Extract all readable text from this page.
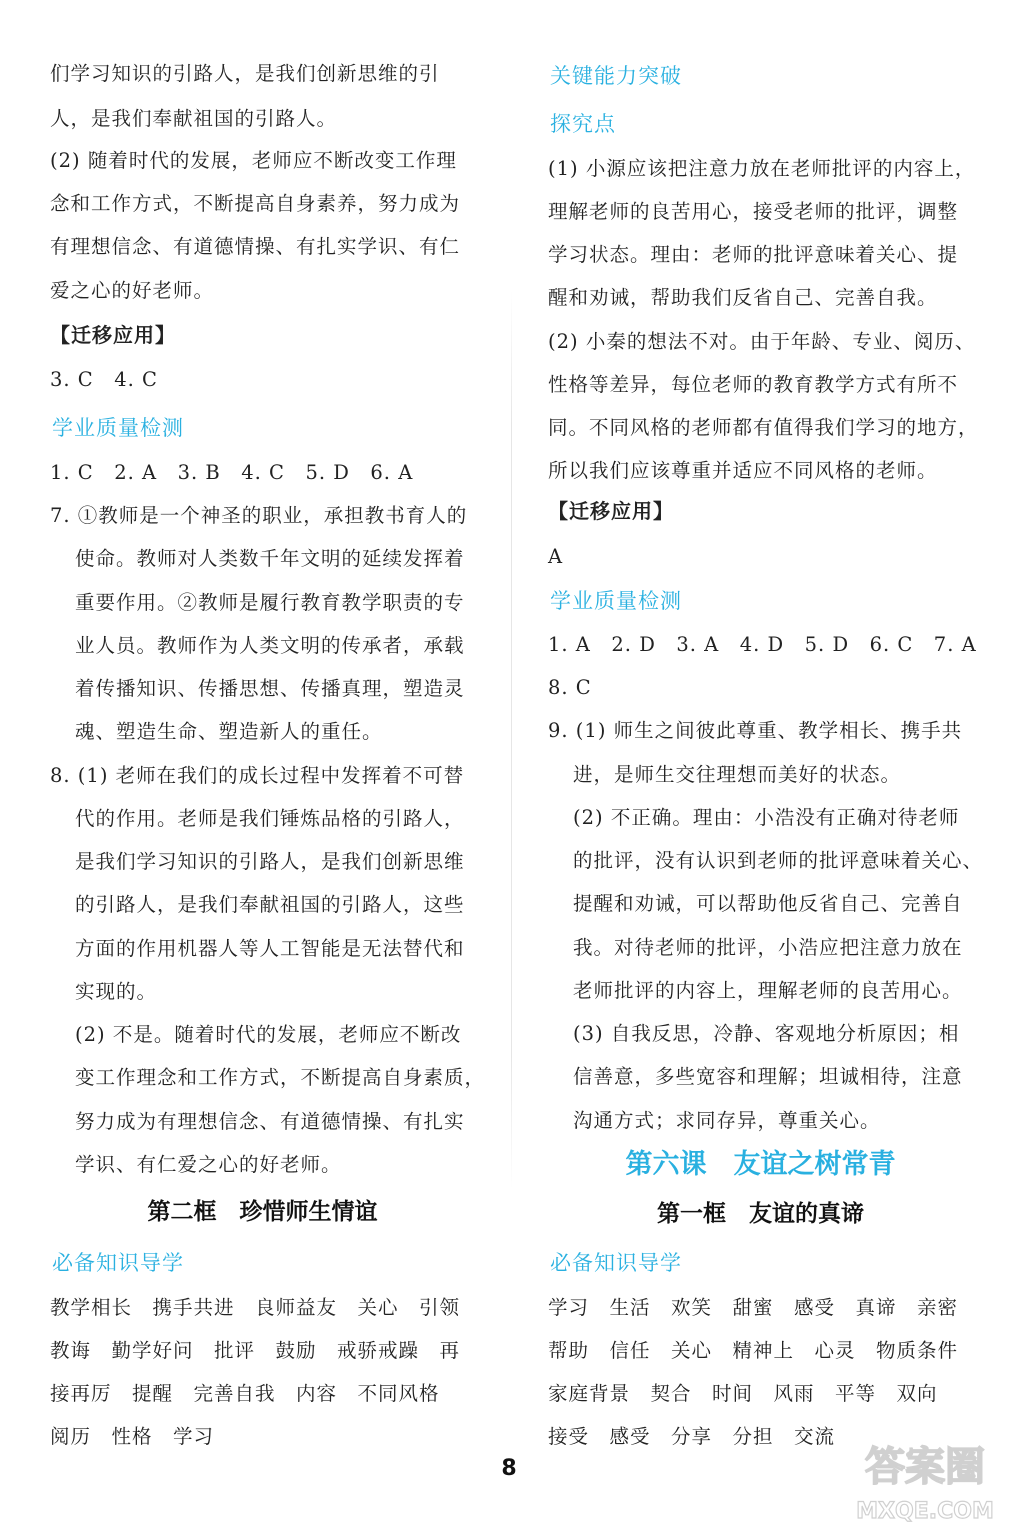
们学习知识的引路人，是我们创新思维的引
人，是我们奉献祖国的引路人。
(2) 随着时代的发展，老师应不断改变工作理
念和工作方式，不断提高自身素养，努力成为
有理想信念、有道德情操、有扎实学识、有仁
爱之心的好老师。
【迁移应用】
3. C　4. C
学业质量检测
1. C　2. A　3. B　4. C　5. D　6. A
7. ①教师是一个神圣的职业，承担教书育人的
使命。教师对人类数千年文明的延续发挥着
重要作用。②教师是履行教育教学职责的专
业人员。教师作为人类文明的传承者，承载
着传播知识、传播思想、传播真理，塑造灵
魂、塑造生命、塑造新人的重任。
8. (1) 老师在我们的成长过程中发挥着不可替
代的作用。老师是我们锤炼品格的引路人，
是我们学习知识的引路人，是我们创新思维
的引路人，是我们奉献祖国的引路人，这些
方面的作用机器人等人工智能是无法替代和
实现的。
(2) 不是。随着时代的发展，老师应不断改
变工作理念和工作方式，不断提高自身素质，
努力成为有理想信念、有道德情操、有扎实
学识、有仁爱之心的好老师。
第二框　珍惜师生情谊
必备知识导学
教学相长　携手共进　良师益友　关心　引领
教诲　勤学好问　批评　鼓励　戒骄戒躁　再
接再厉　提醒　完善自我　内容　不同风格
阅历　性格　学习
关键能力突破
探究点
(1) 小源应该把注意力放在老师批评的内容上，
理解老师的良苦用心，接受老师的批评，调整
学习状态。理由：老师的批评意味着关心、提
醒和劝诫，帮助我们反省自己、完善自我。
(2) 小秦的想法不对。由于年龄、专业、阅历、
性格等差异，每位老师的教育教学方式有所不
同。不同风格的老师都有值得我们学习的地方，
所以我们应该尊重并适应不同风格的老师。
【迁移应用】
A
学业质量检测
1. A　2. D　3. A　4. D　5. D　6. C　7. A
8. C
9. (1) 师生之间彼此尊重、教学相长、携手共
进，是师生交往理想而美好的状态。
(2) 不正确。理由：小浩没有正确对待老师
的批评，没有认识到老师的批评意味着关心、
提醒和劝诫，可以帮助他反省自己、完善自
我。对待老师的批评，小浩应把注意力放在
老师批评的内容上，理解老师的良苦用心。
(3) 自我反思，冷静、客观地分析原因；相
信善意，多些宽容和理解；坦诚相待，注意
沟通方式；求同存异，尊重关心。
第六课　友谊之树常青
第一框　友谊的真谛
必备知识导学
学习　生活　欢笑　甜蜜　感受　真谛　亲密
帮助　信任　关心　精神上　心灵　物质条件
家庭背景　契合　时间　风雨　平等　双向
接受　感受　分享　分担　交流
8	答案圈
MXQE.COM
